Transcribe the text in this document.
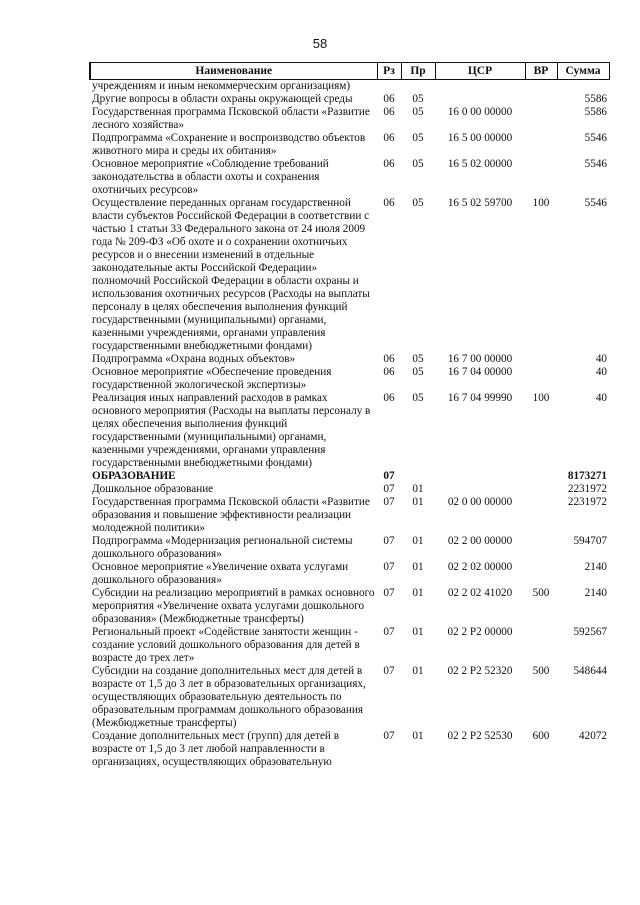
58
Наименование	Рз	Пр	ЦСР	ВР	Сумма
учреждениям и иным некоммерческим организациям)					
Другие вопросы в области охраны окружающей среды	06	05			5586
Государственная программа Псковской области «Развитие лесного хозяйства»	06	05	16 0 00 00000		5586
Подпрограмма «Сохранение и воспроизводство объектов животного мира и среды их обитания»	06	05	16 5 00 00000		5546
Основное мероприятие «Соблюдение требований законодательства в области охоты и сохранения охотничьих ресурсов»	06	05	16 5 02 00000		5546
Осуществление переданных органам государственной власти субъектов Российской Федерации в соответствии с частью 1 статьи 33 Федерального закона от 24 июля 2009 года № 209-ФЗ «Об охоте и о сохранении охотничьих ресурсов и о внесении изменений в отдельные законодательные акты Российской Федерации» полномочий Российской Федерации в области охраны и использования охотничьих ресурсов (Расходы на выплаты персоналу в целях обеспечения выполнения функций государственными (муниципальными) органами, казенными учреждениями, органами управления государственными внебюджетными фондами)	06	05	16 5 02 59700	100	5546
Подпрограмма «Охрана водных объектов»	06	05	16 7 00 00000		40
Основное мероприятие «Обеспечение проведения государственной экологической экспертизы»	06	05	16 7 04 00000		40
Реализация иных направлений расходов в рамках основного мероприятия (Расходы на выплаты персоналу в целях обеспечения выполнения функций государственными (муниципальными) органами, казенными учреждениями, органами управления государственными внебюджетными фондами)	06	05	16 7 04 99990	100	40
ОБРАЗОВАНИЕ	07				8173271
Дошкольное образование	07	01			2231972
Государственная программа Псковской области «Развитие образования и повышение эффективности реализации молодежной политики»	07	01	02 0 00 00000		2231972
Подпрограмма «Модернизация региональной системы дошкольного образования»	07	01	02 2 00 00000		594707
Основное мероприятие «Увеличение охвата услугами дошкольного образования»	07	01	02 2 02 00000		2140
Субсидии на реализацию мероприятий в рамках основного мероприятия «Увеличение охвата услугами дошкольного образования» (Межбюджетные трансферты)	07	01	02 2 02 41020	500	2140
Региональный проект «Содействие занятости женщин - создание условий дошкольного образования для детей в возрасте до трех лет»	07	01	02 2 P2 00000		592567
Субсидии на создание дополнительных мест для детей в возрасте от 1,5 до 3 лет в образовательных организациях, осуществляющих образовательную деятельность по образовательным программам дошкольного образования (Межбюджетные трансферты)	07	01	02 2 P2 52320	500	548644
Создание дополнительных мест (групп) для детей в возрасте от 1,5 до 3 лет любой направленности в организациях, осуществляющих образовательную	07	01	02 2 P2 52530	600	42072
